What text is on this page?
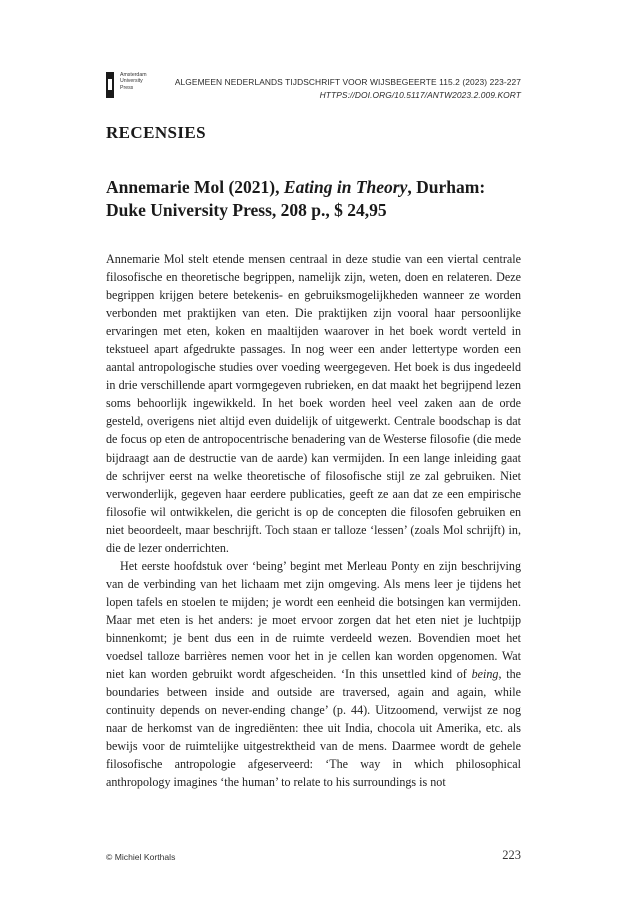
Amsterdam
University
Press
ALGEMEEN NEDERLANDS TIJDSCHRIFT VOOR WIJSBEGEERTE 115.2 (2023) 223-227
HTTPS://DOI.ORG/10.5117/ANTW2023.2.009.KORT
RECENSIES
Annemarie Mol (2021), Eating in Theory, Durham: Duke University Press, 208 p., $ 24,95

Annemarie Mol stelt etende mensen centraal in deze studie van een viertal centrale filosofische en theoretische begrippen, namelijk zijn, weten, doen en relateren. Deze begrippen krijgen betere betekenis- en gebruiksmogelijkheden wanneer ze worden verbonden met praktijken van eten. Die praktijken zijn vooral haar persoonlijke ervaringen met eten, koken en maaltijden waarover in het boek wordt verteld in tekstueel apart afgedrukte passages. In nog weer een ander lettertype worden een aantal antropologische studies over voeding weergegeven. Het boek is dus ingedeeld in drie verschillende apart vormgegeven rubrieken, en dat maakt het begrijpend lezen soms behoorlijk ingewikkeld. In het boek worden heel veel zaken aan de orde gesteld, overigens niet altijd even duidelijk of uitgewerkt. Centrale boodschap is dat de focus op eten de antropocentrische benadering van de Westerse filosofie (die mede bijdraagt aan de destructie van de aarde) kan vermijden. In een lange inleiding gaat de schrijver eerst na welke theoretische of filosofische stijl ze zal gebruiken. Niet verwonderlijk, gegeven haar eerdere publicaties, geeft ze aan dat ze een empirische filosofie wil ontwikkelen, die gericht is op de concepten die filosofen gebruiken en niet beoordeelt, maar beschrijft. Toch staan er talloze ‘lessen’ (zoals Mol schrijft) in, die de lezer onderrichten.

Het eerste hoofdstuk over ‘being’ begint met Merleau Ponty en zijn beschrijving van de verbinding van het lichaam met zijn omgeving. Als mens leer je tijdens het lopen tafels en stoelen te mijden; je wordt een eenheid die botsingen kan vermijden. Maar met eten is het anders: je moet ervoor zorgen dat het eten niet je luchtpijp binnenkomt; je bent dus een in de ruimte verdeeld wezen. Bovendien moet het voedsel talloze barrières nemen voor het in je cellen kan worden opgenomen. Wat niet kan worden gebruikt wordt afgescheiden. ‘In this unsettled kind of being, the boundaries between inside and outside are traversed, again and again, while continuity depends on never-ending change’ (p. 44). Uitzoomend, verwijst ze nog naar de herkomst van de ingrediënten: thee uit India, chocola uit Amerika, etc. als bewijs voor de ruimtelijke uitgestrektheid van de mens. Daarmee wordt de gehele filosofische antropologie afgeserveerd: ‘The way in which philosophical anthropology imagines ‘the human’ to relate to his surroundings is not

© Michiel Korthals	223
